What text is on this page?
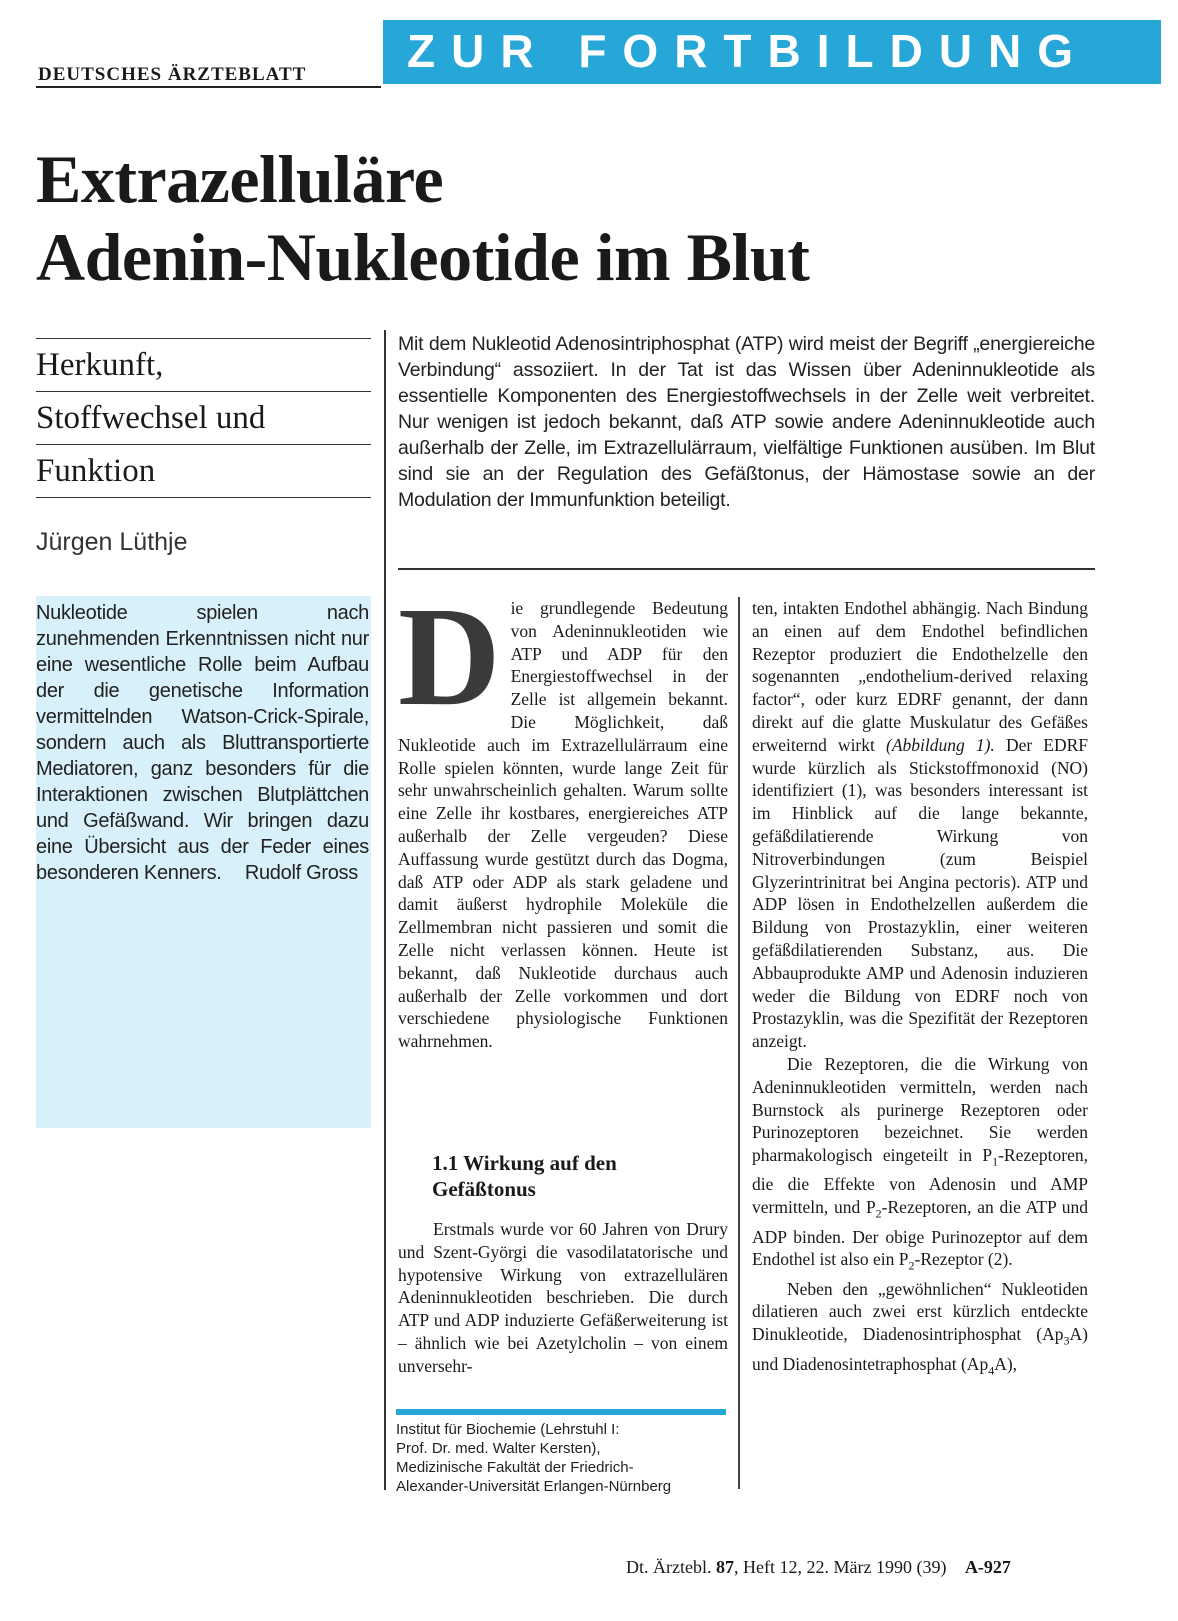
DEUTSCHES ÄRZTEBLATT ZUR FORTBILDUNG
Extrazelluläre
Adenin-Nukleotide im Blut
Herkunft,
Stoffwechsel und
Funktion
Jürgen Lüthje
Mit dem Nukleotid Adenosintriphosphat (ATP) wird meist der Begriff „energiereiche Verbindung“ assoziiert. In der Tat ist das Wissen über Adeninnukleotide als essentielle Komponenten des Energiestoffwechsels in der Zelle weit verbreitet. Nur wenigen ist jedoch bekannt, daß ATP sowie andere Adeninnukleotide auch außerhalb der Zelle, im Extrazellulärraum, vielfältige Funktionen ausüben. Im Blut sind sie an der Regulation des Gefäßtonus, der Hämostase sowie an der Modulation der Immunfunktion beteiligt.
Nukleotide spielen nach zunehmenden Erkenntnissen nicht nur eine wesentliche Rolle beim Aufbau der die genetische Information vermittelnden Watson-Crick-Spirale, sondern auch als Bluttransportierte Mediatoren, ganz besonders für die Interaktionen zwischen Blutplättchen und Gefäßwand. Wir bringen dazu eine Übersicht aus der Feder eines besonderen Kenners. Rudolf Gross

D ie grundlegende Bedeutung von Adeninnukleotiden wie ATP und ADP für den Energiestoffwechsel in der Zelle ist allgemein bekannt. Die Möglichkeit, daß Nukleotide auch im Extrazellulärraum eine Rolle spielen könnten, wurde lange Zeit für sehr unwahrscheinlich gehalten. Warum sollte eine Zelle ihr kostbares, energiereiches ATP außerhalb der Zelle vergeuden? Diese Auffassung wurde gestützt durch das Dogma, daß ATP oder ADP als stark geladene und damit äußerst hydrophile Moleküle die Zellmembran nicht passieren und somit die Zelle nicht verlassen können. Heute ist bekannt, daß Nukleotide durchaus auch außerhalb der Zelle vorkommen und dort verschiedene physiologische Funktionen wahrnehmen.

1.1 Wirkung auf den Gefäßtonus

Erstmals wurde vor 60 Jahren von Drury und Szent-Györgi die vasodilatatorische und hypotensive Wirkung von extrazellulären Adeninnukleotiden beschrieben. Die durch ATP und ADP induzierte Gefäßerweiterung ist – ähnlich wie bei Azetylcholin – von einem unversehr-

ten, intakten Endothel abhängig. Nach Bindung an einen auf dem Endothel befindlichen Rezeptor produziert die Endothelzelle den sogenannten „endothelium-derived relaxing factor“, oder kurz EDRF genannt, der dann direkt auf die glatte Muskulatur des Gefäßes erweiternd wirkt (Abbildung 1). Der EDRF wurde kürzlich als Stickstoffmonoxid (NO) identifiziert (1), was besonders interessant ist im Hinblick auf die lange bekannte, gefäßdilatierende Wirkung von Nitroverbindungen (zum Beispiel Glyzerintrinitrat bei Angina pectoris). ATP und ADP lösen in Endothelzellen außerdem die Bildung von Prostazyklin, einer weiteren gefäßdilatierenden Substanz, aus. Die Abbauprodukte AMP und Adenosin induzieren weder die Bildung von EDRF noch von Prostazyklin, was die Spezifität der Rezeptoren anzeigt.

Die Rezeptoren, die die Wirkung von Adeninnukleotiden vermitteln, werden nach Burnstock als purinerge Rezeptoren oder Purinozeptoren bezeichnet. Sie werden pharmakologisch eingeteilt in $P_1$-Rezeptoren, die die Effekte von Adenosin und AMP vermitteln, und $P_2$-Rezeptoren, an die ATP und ADP binden. Der obige Purinozeptor auf dem Endothel ist also ein $P_2$-Rezeptor (2).

Neben den „gewöhnlichen“ Nukleotiden dilatieren auch zwei erst kürzlich entdeckte Dinukleotide, Diadenosintriphosphat $(Ap_3A)$ und Diadenosintetraphosphat $(Ap_4A)$,

Institut für Biochemie (Lehrstuhl I:
Prof. Dr. med. Walter Kersten),
Medizinische Fakultät der Friedrich-
Alexander-Universität Erlangen-Nürnberg
Dt. Ärztebl. 87, Heft 12, 22. März 1990 (39) A-927
